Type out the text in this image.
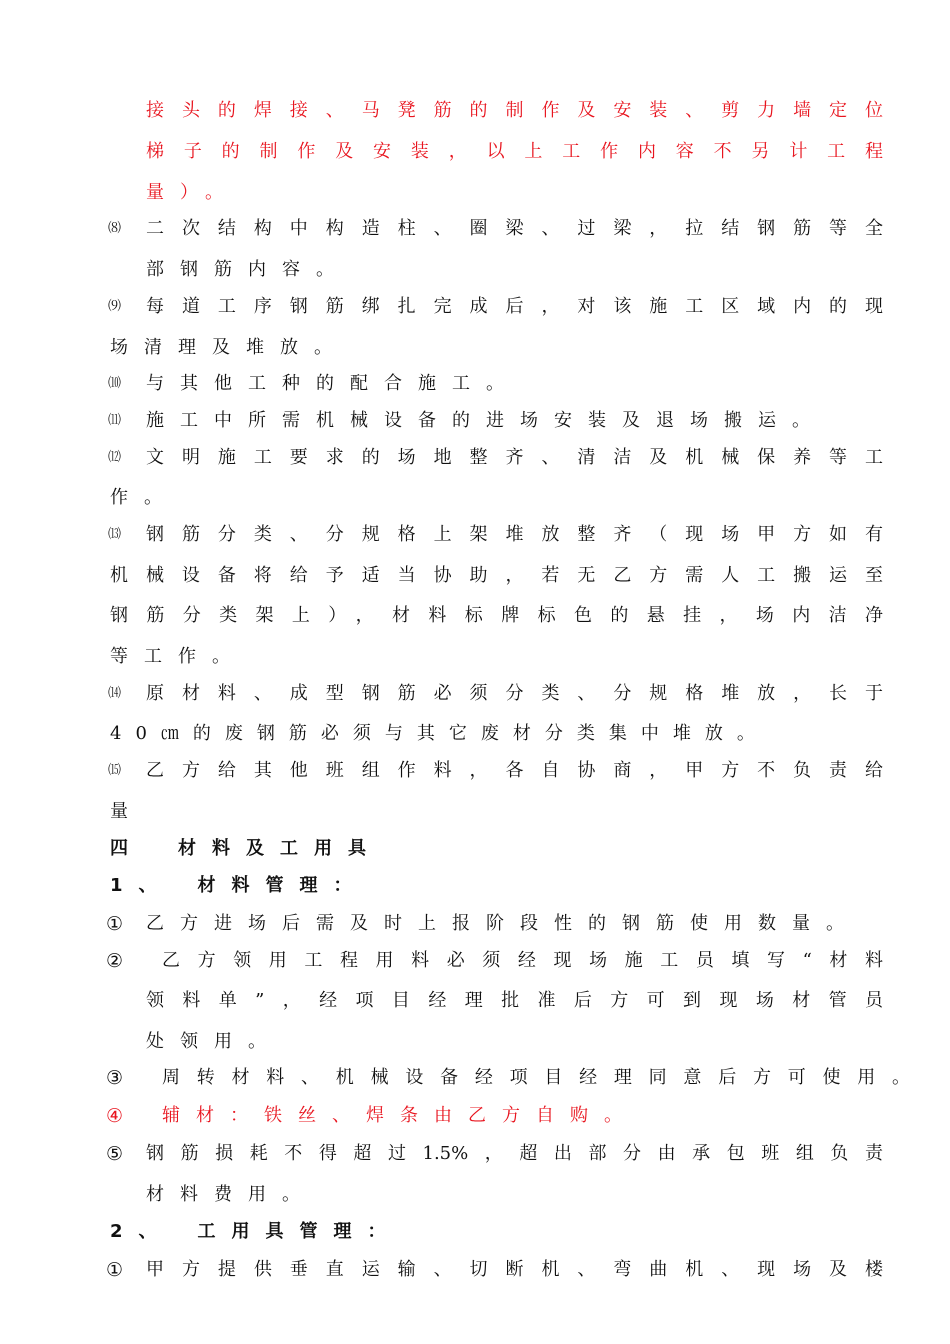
接头的焊接、马凳筋的制作及安装、剪力墙定位
梯子的制作及安装，以上工作内容不另计工程
量）。
⑻ 二次结构中构造柱、圈梁、过梁，拉结钢筋等全
部钢筋内容。
⑼ 每道工序钢筋绑扎完成后，对该施工区域内的现
场清理及堆放。
⑽ 与其他工种的配合施工。
⑾ 施工中所需机械设备的进场安装及退场搬运。
⑿ 文明施工要求的场地整齐、清洁及机械保养等工
作。
⒀ 钢筋分类、分规格上架堆放整齐（现场甲方如有
机械设备将给予适当协助，若无乙方需人工搬运至
钢筋分类架上），材料标牌标色的悬挂，场内洁净
等工作。
⒁ 原材料、成型钢筋必须分类、分规格堆放，长于
40㎝的废钢筋必须与其它废材分类集中堆放。
⒂ 乙方给其他班组作料，各自协商，甲方不负责给
量
四　材料及工用具
1、　材料管理：
① 乙方进场后需及时上报阶段性的钢筋使用数量。
② 乙方领用工程用料必须经现场施工员填写“材料
领料单”，经项目经理批准后方可到现场材管员
处领用。
③ 周转材料、机械设备经项目经理同意后方可使用。
④ 辅材：铁丝、焊条由乙方自购。
⑤ 钢筋损耗不得超过1.5%，超出部分由承包班组负责
材料费用。
2、　工用具管理：
① 甲方提供垂直运输、切断机、弯曲机、现场及楼
